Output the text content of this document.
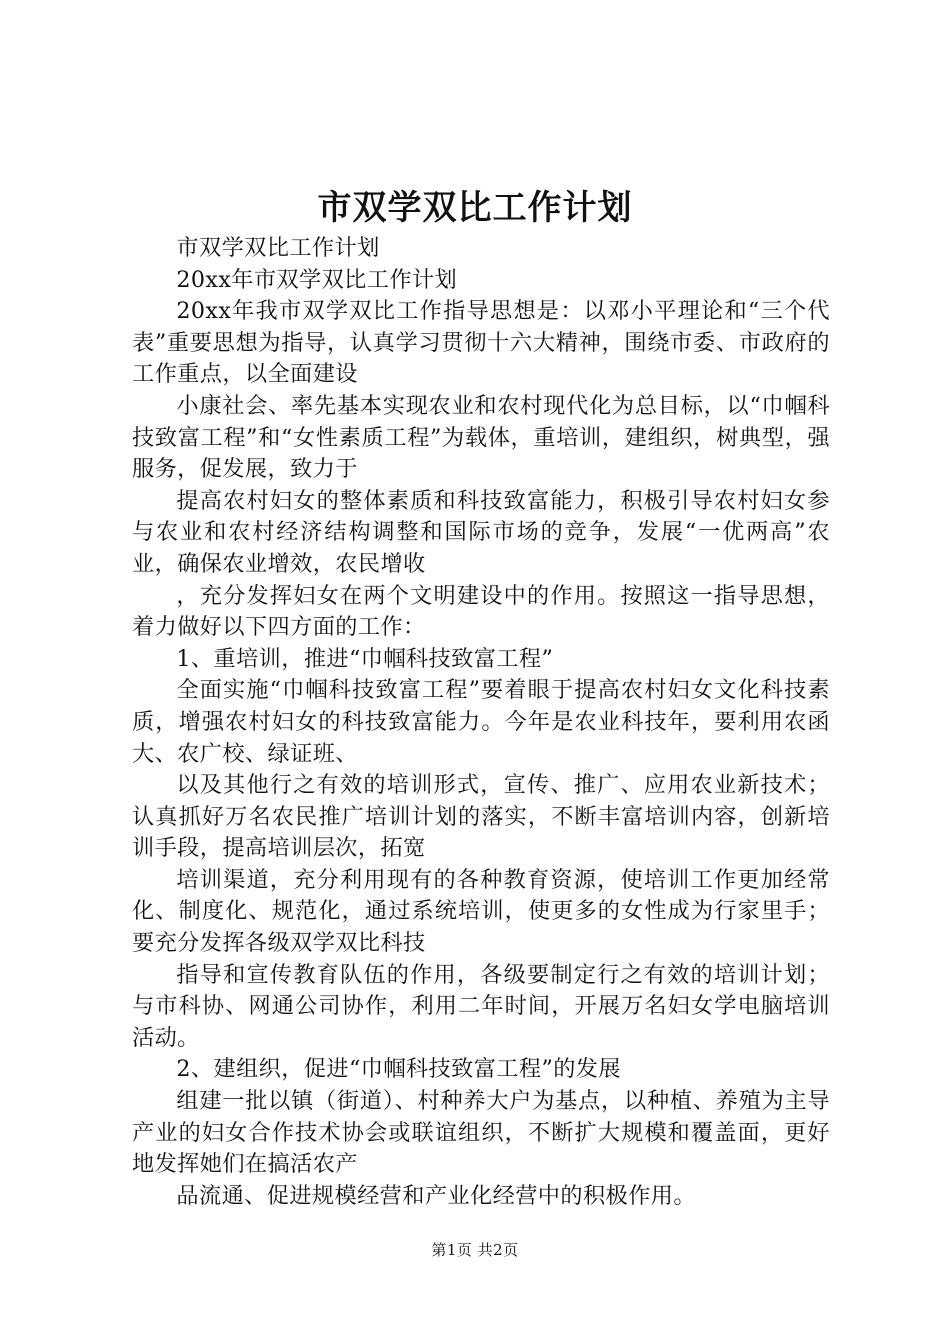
市双学双比工作计划

市双学双比工作计划

20xx年市双学双比工作计划

20xx年我市双学双比工作指导思想是：以邓小平理论和“三个代表”重要思想为指导，认真学习贯彻十六大精神，围绕市委、市政府的工作重点，以全面建设

小康社会、率先基本实现农业和农村现代化为总目标，以“巾帼科技致富工程”和“女性素质工程”为载体，重培训，建组织，树典型，强服务，促发展，致力于

提高农村妇女的整体素质和科技致富能力，积极引导农村妇女参与农业和农村经济结构调整和国际市场的竞争，发展“一优两高”农业，确保农业增效，农民增收

，充分发挥妇女在两个文明建设中的作用。按照这一指导思想，着力做好以下四方面的工作：

1、重培训，推进“巾帼科技致富工程”

全面实施“巾帼科技致富工程”要着眼于提高农村妇女文化科技素质，增强农村妇女的科技致富能力。今年是农业科技年，要利用农函大、农广校、绿证班、

以及其他行之有效的培训形式，宣传、推广、应用农业新技术；认真抓好万名农民推广培训计划的落实，不断丰富培训内容，创新培训手段，提高培训层次，拓宽

培训渠道，充分利用现有的各种教育资源，使培训工作更加经常化、制度化、规范化，通过系统培训，使更多的女性成为行家里手；要充分发挥各级双学双比科技

指导和宣传教育队伍的作用，各级要制定行之有效的培训计划；与市科协、网通公司协作，利用二年时间，开展万名妇女学电脑培训活动。

2、建组织，促进“巾帼科技致富工程”的发展

组建一批以镇（街道）、村种养大户为基点，以种植、养殖为主导产业的妇女合作技术协会或联谊组织，不断扩大规模和覆盖面，更好地发挥她们在搞活农产

品流通、促进规模经营和产业化经营中的积极作用。

第1页 共2页
